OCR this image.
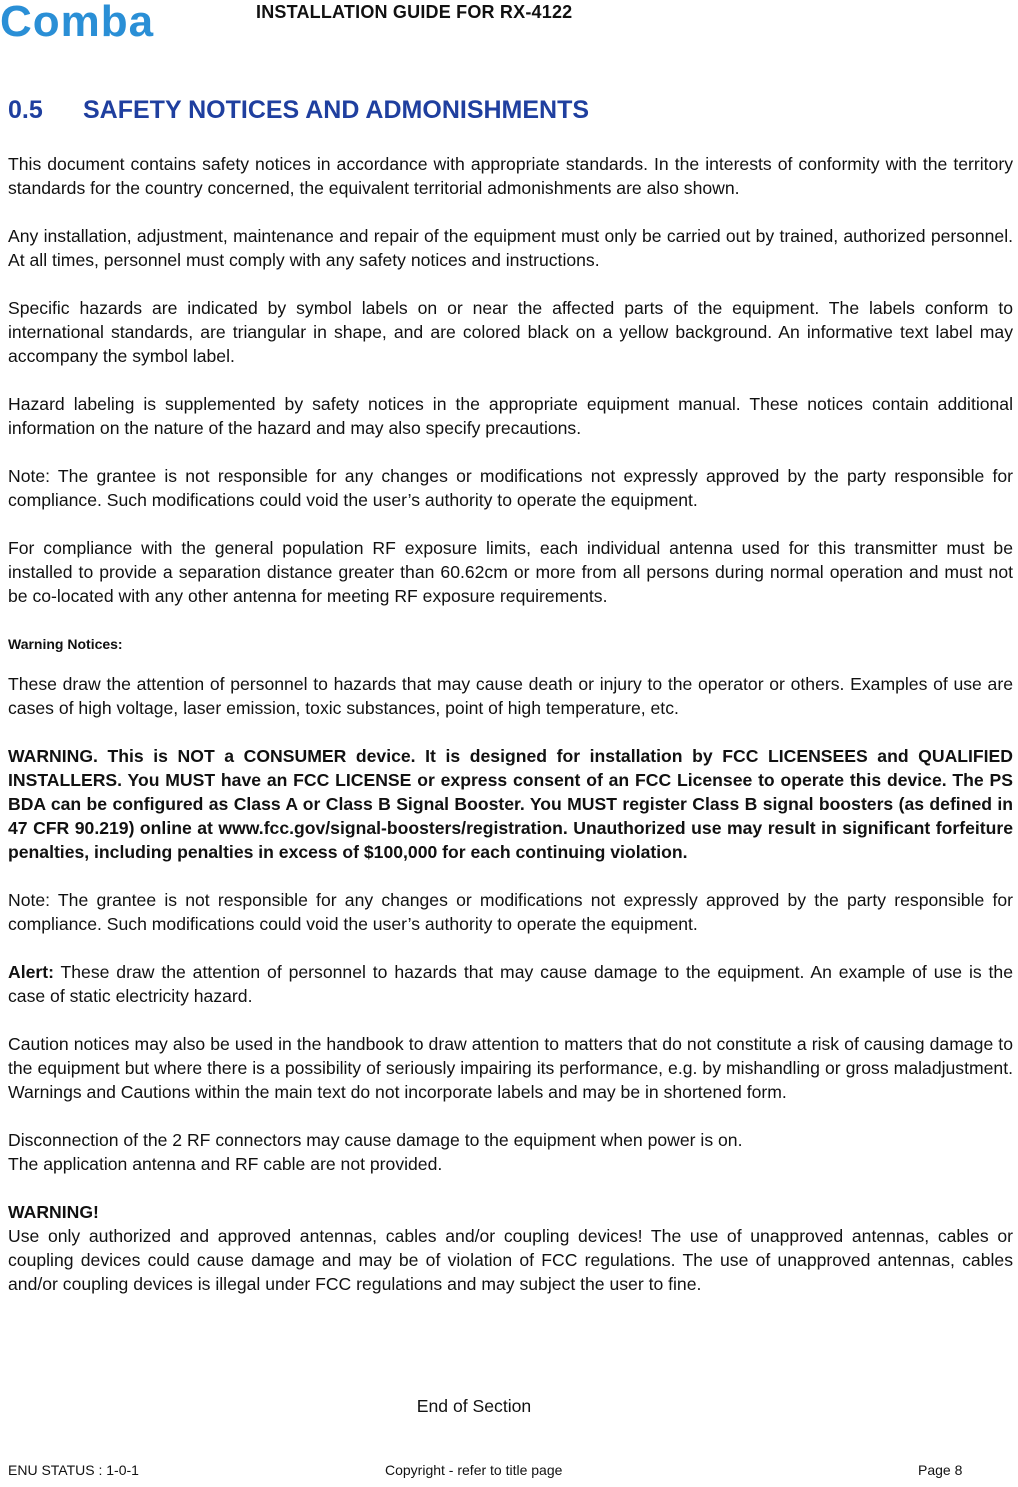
Comba	INSTALLATION GUIDE FOR RX-4122
0.5	SAFETY NOTICES AND ADMONISHMENTS

This document contains safety notices in accordance with appropriate standards. In the interests of conformity with the territory standards for the country concerned, the equivalent territorial admonishments are also shown.

Any installation, adjustment, maintenance and repair of the equipment must only be carried out by trained, authorized personnel. At all times, personnel must comply with any safety notices and instructions.

Specific hazards are indicated by symbol labels on or near the affected parts of the equipment. The labels conform to international standards, are triangular in shape, and are colored black on a yellow background. An informative text label may accompany the symbol label.

Hazard labeling is supplemented by safety notices in the appropriate equipment manual. These notices contain additional information on the nature of the hazard and may also specify precautions.

Note: The grantee is not responsible for any changes or modifications not expressly approved by the party responsible for compliance. Such modifications could void the user’s authority to operate the equipment.

For compliance with the general population RF exposure limits, each individual antenna used for this transmitter must be installed to provide a separation distance greater than 60.62cm or more from all persons during normal operation and must not be co-located with any other antenna for meeting RF exposure requirements.

Warning Notices:

These draw the attention of personnel to hazards that may cause death or injury to the operator or others. Examples of use are cases of high voltage, laser emission, toxic substances, point of high temperature, etc.

WARNING. This is NOT a CONSUMER device. It is designed for installation by FCC LICENSEES and QUALIFIED INSTALLERS. You MUST have an FCC LICENSE or express consent of an FCC Licensee to operate this device. The PS BDA can be configured as Class A or Class B Signal Booster. You MUST register Class B signal boosters (as defined in 47 CFR 90.219) online at www.fcc.gov/signal-boosters/registration. Unauthorized use may result in significant forfeiture penalties, including penalties in excess of $100,000 for each continuing violation.

Note: The grantee is not responsible for any changes or modifications not expressly approved by the party responsible for compliance. Such modifications could void the user’s authority to operate the equipment.

Alert: These draw the attention of personnel to hazards that may cause damage to the equipment. An example of use is the case of static electricity hazard.

Caution notices may also be used in the handbook to draw attention to matters that do not constitute a risk of causing damage to the equipment but where there is a possibility of seriously impairing its performance, e.g. by mishandling or gross maladjustment. Warnings and Cautions within the main text do not incorporate labels and may be in shortened form.

Disconnection of the 2 RF connectors may cause damage to the equipment when power is on.

The application antenna and RF cable are not provided.

WARNING!

Use only authorized and approved antennas, cables and/or coupling devices! The use of unapproved antennas, cables or coupling devices could cause damage and may be of violation of FCC regulations. The use of unapproved antennas, cables and/or coupling devices is illegal under FCC regulations and may subject the user to fine.

End of Section
ENU STATUS : 1-0-1	Copyright - refer to title page	Page 8
